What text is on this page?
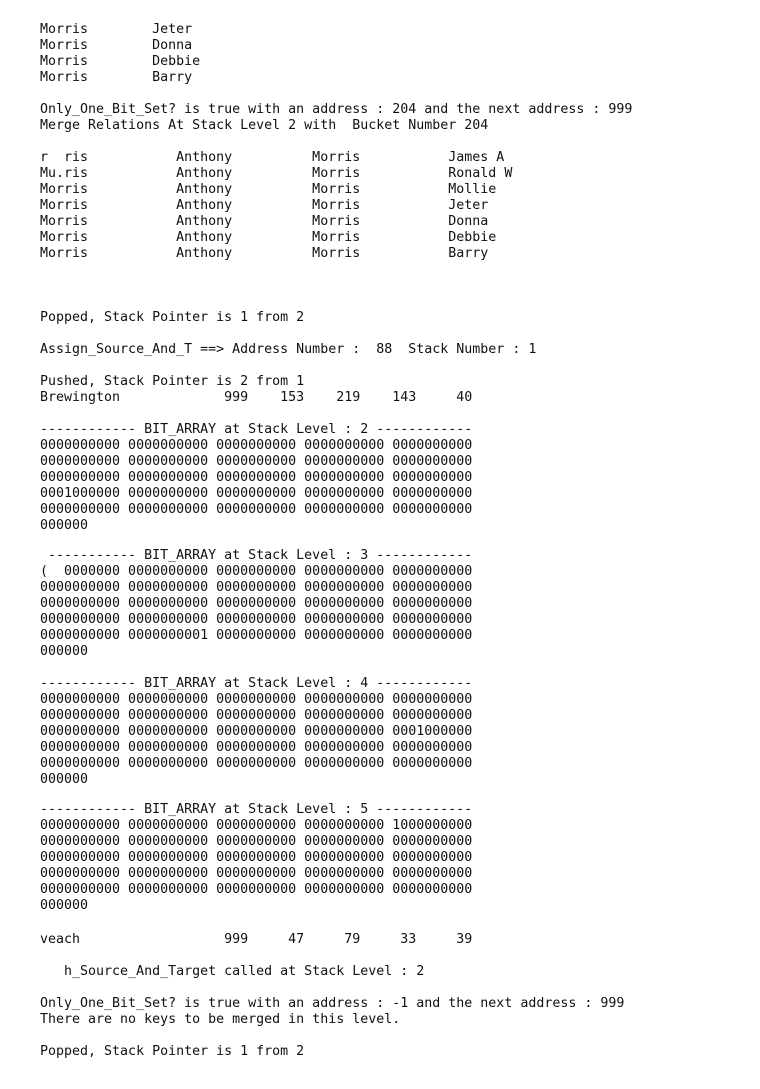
Morris        Jeter
Morris        Donna
Morris        Debbie
Morris        Barry
Only_One_Bit_Set? is true with an address : 204 and the next address : 999
Merge Relations At Stack Level 2 with  Bucket Number 204
r  ris           Anthony          Morris           James A
Mu.ris           Anthony          Morris           Ronald W
Morris           Anthony          Morris           Mollie
Morris           Anthony          Morris           Jeter
Morris           Anthony          Morris           Donna
Morris           Anthony          Morris           Debbie
Morris           Anthony          Morris           Barry
Popped, Stack Pointer is 1 from 2
Assign_Source_And_T ==> Address Number :  88  Stack Number : 1
Pushed, Stack Pointer is 2 from 1
Brewington             999    153    219    143     40
------------ BIT_ARRAY at Stack Level : 2 ------------
0000000000 0000000000 0000000000 0000000000 0000000000
0000000000 0000000000 0000000000 0000000000 0000000000
0000000000 0000000000 0000000000 0000000000 0000000000
0001000000 0000000000 0000000000 0000000000 0000000000
0000000000 0000000000 0000000000 0000000000 0000000000
000000
----------- BIT_ARRAY at Stack Level : 3 ------------
(  0000000 0000000000 0000000000 0000000000 0000000000
0000000000 0000000000 0000000000 0000000000 0000000000
0000000000 0000000000 0000000000 0000000000 0000000000
0000000000 0000000000 0000000000 0000000000 0000000000
0000000000 0000000001 0000000000 0000000000 0000000000
000000
------------ BIT_ARRAY at Stack Level : 4 ------------
0000000000 0000000000 0000000000 0000000000 0000000000
0000000000 0000000000 0000000000 0000000000 0000000000
0000000000 0000000000 0000000000 0000000000 0001000000
0000000000 0000000000 0000000000 0000000000 0000000000
0000000000 0000000000 0000000000 0000000000 0000000000
000000
------------ BIT_ARRAY at Stack Level : 5 ------------
0000000000 0000000000 0000000000 0000000000 1000000000
0000000000 0000000000 0000000000 0000000000 0000000000
0000000000 0000000000 0000000000 0000000000 0000000000
0000000000 0000000000 0000000000 0000000000 0000000000
0000000000 0000000000 0000000000 0000000000 0000000000
000000
veach                  999     47     79     33     39
h_Source_And_Target called at Stack Level : 2
Only_One_Bit_Set? is true with an address : -1 and the next address : 999
There are no keys to be merged in this level.
Popped, Stack Pointer is 1 from 2
